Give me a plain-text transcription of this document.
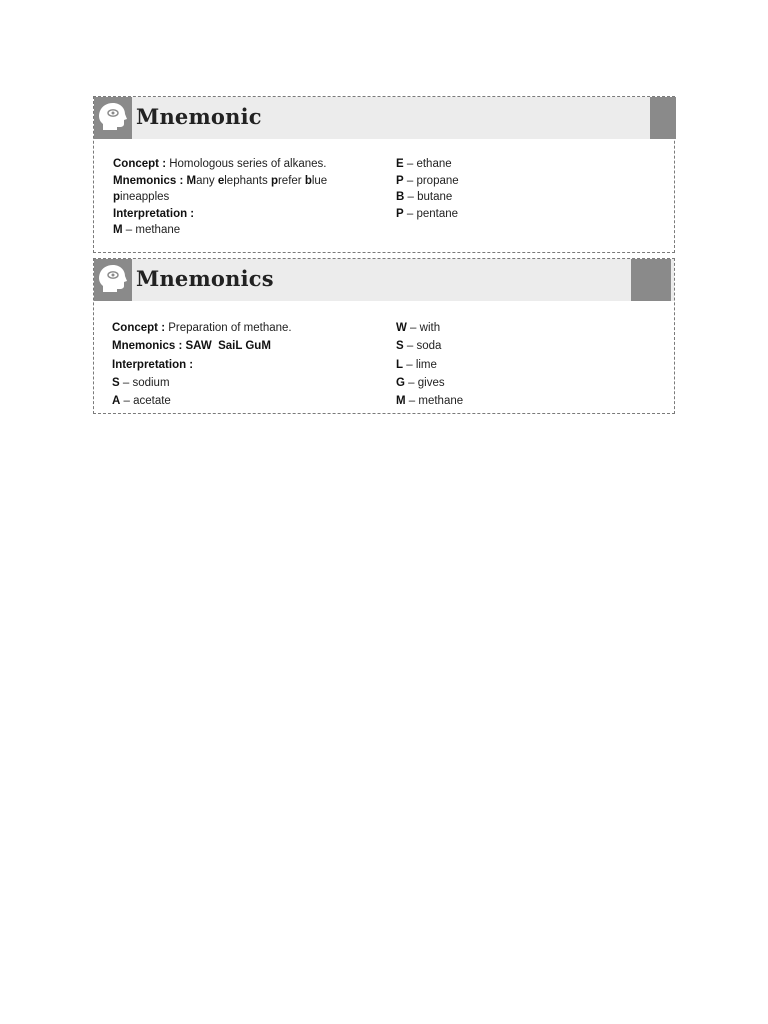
Mnemonic
Concept : Homologous series of alkanes.
Mnemonics : Many elephants prefer blue
pineapples
Interpretation :
M – methane
E – ethane
P – propane
B – butane
P – pentane
Mnemonics
Concept : Preparation of methane.
Mnemonics : SAW  SaiL GuM
Interpretation :
S – sodium
A – acetate
W – with
S – soda
L – lime
G – gives
M – methane
